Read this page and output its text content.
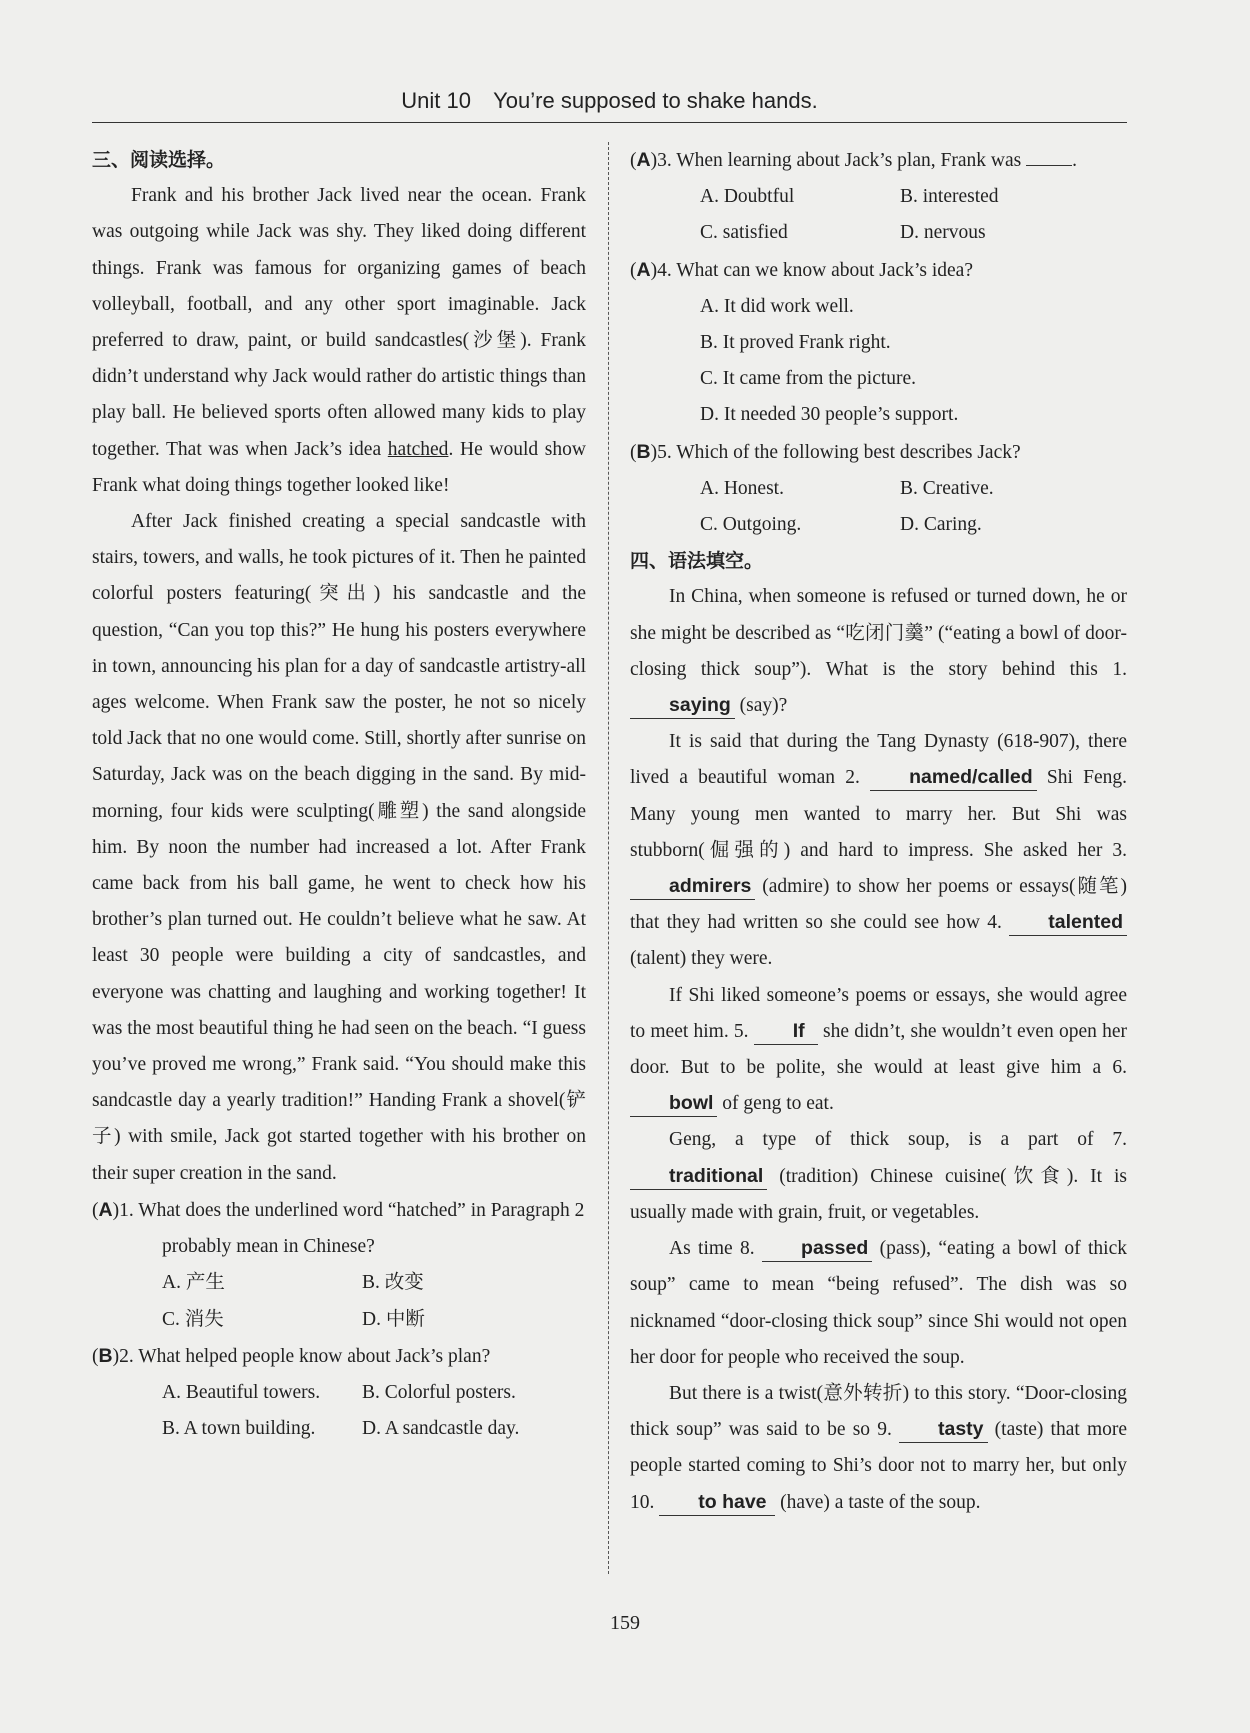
Unit 10 You’re supposed to shake hands.
三、阅读选择。

Frank and his brother Jack lived near the ocean. Frank was outgoing while Jack was shy. They liked doing different things. Frank was famous for organizing games of beach volleyball, football, and any other sport imaginable. Jack preferred to draw, paint, or build sandcastles(沙堡). Frank didn’t understand why Jack would rather do artistic things than play ball. He believed sports often allowed many kids to play together. That was when Jack’s idea hatched. He would show Frank what doing things together looked like!

After Jack finished creating a special sandcastle with stairs, towers, and walls, he took pictures of it. Then he painted colorful posters featuring(突出) his sandcastle and the question, “Can you top this?” He hung his posters everywhere in town, announcing his plan for a day of sandcastle artistry-all ages welcome. When Frank saw the poster, he not so nicely told Jack that no one would come. Still, shortly after sunrise on Saturday, Jack was on the beach digging in the sand. By mid-morning, four kids were sculpting(雕塑) the sand alongside him. By noon the number had increased a lot. After Frank came back from his ball game, he went to check how his brother’s plan turned out. He couldn’t believe what he saw. At least 30 people were building a city of sandcastles, and everyone was chatting and laughing and working together! It was the most beautiful thing he had seen on the beach. “I guess you’ve proved me wrong,” Frank said. “You should make this sandcastle day a yearly tradition!” Handing Frank a shovel(铲子) with smile, Jack got started together with his brother on their super creation in the sand.

(A)1. What does the underlined word “hatched” in Paragraph 2 probably mean in Chinese?

A. 产生	B. 改变
C. 消失	D. 中断

(B)2. What helped people know about Jack’s plan?

A. Beautiful towers.	B. Colorful posters.
B. A town building.	D. A sandcastle day.

(A)3. When learning about Jack’s plan, Frank was	.

A. Doubtful	B. interested
C. satisfied	D. nervous

(A)4. What can we know about Jack’s idea?

A. It did work well.
B. It proved Frank right.
C. It came from the picture.
D. It needed 30 people’s support.

(B)5. Which of the following best describes Jack?

A. Honest.	B. Creative.
C. Outgoing.	D. Caring.
四、语法填空。

In China, when someone is refused or turned down, he or she might be described as “吃闭门羹” (“eating a bowl of door-closing thick soup”). What is the story behind this 1. saying (say)?

It is said that during the Tang Dynasty (618-907), there lived a beautiful woman 2.	named/called Shi Feng. Many young men wanted to marry her. But Shi was stubborn(倔强的) and hard to impress. She asked her 3. admirers (admire) to show her poems or essays(随笔) that they had written so she could see how 4. talented (talent) they were.

If Shi liked someone’s poems or essays, she would agree to meet him. 5. If she didn’t, she wouldn’t even open her door. But to be polite, she would at least give him a 6. bowl of geng to eat.

Geng, a type of thick soup, is a part of 7. traditional (tradition) Chinese cuisine(饮食). It is usually made with grain, fruit, or vegetables.

As time 8. passed (pass), “eating a bowl of thick soup” came to mean “being refused”. The dish was so nicknamed “door-closing thick soup” since Shi would not open her door for people who received the soup.

But there is a twist(意外转折) to this story. “Door-closing thick soup” was said to be so 9. tasty (taste) that more people started coming to Shi’s door not to marry her, but only 10. to have (have) a taste of the soup.

159
